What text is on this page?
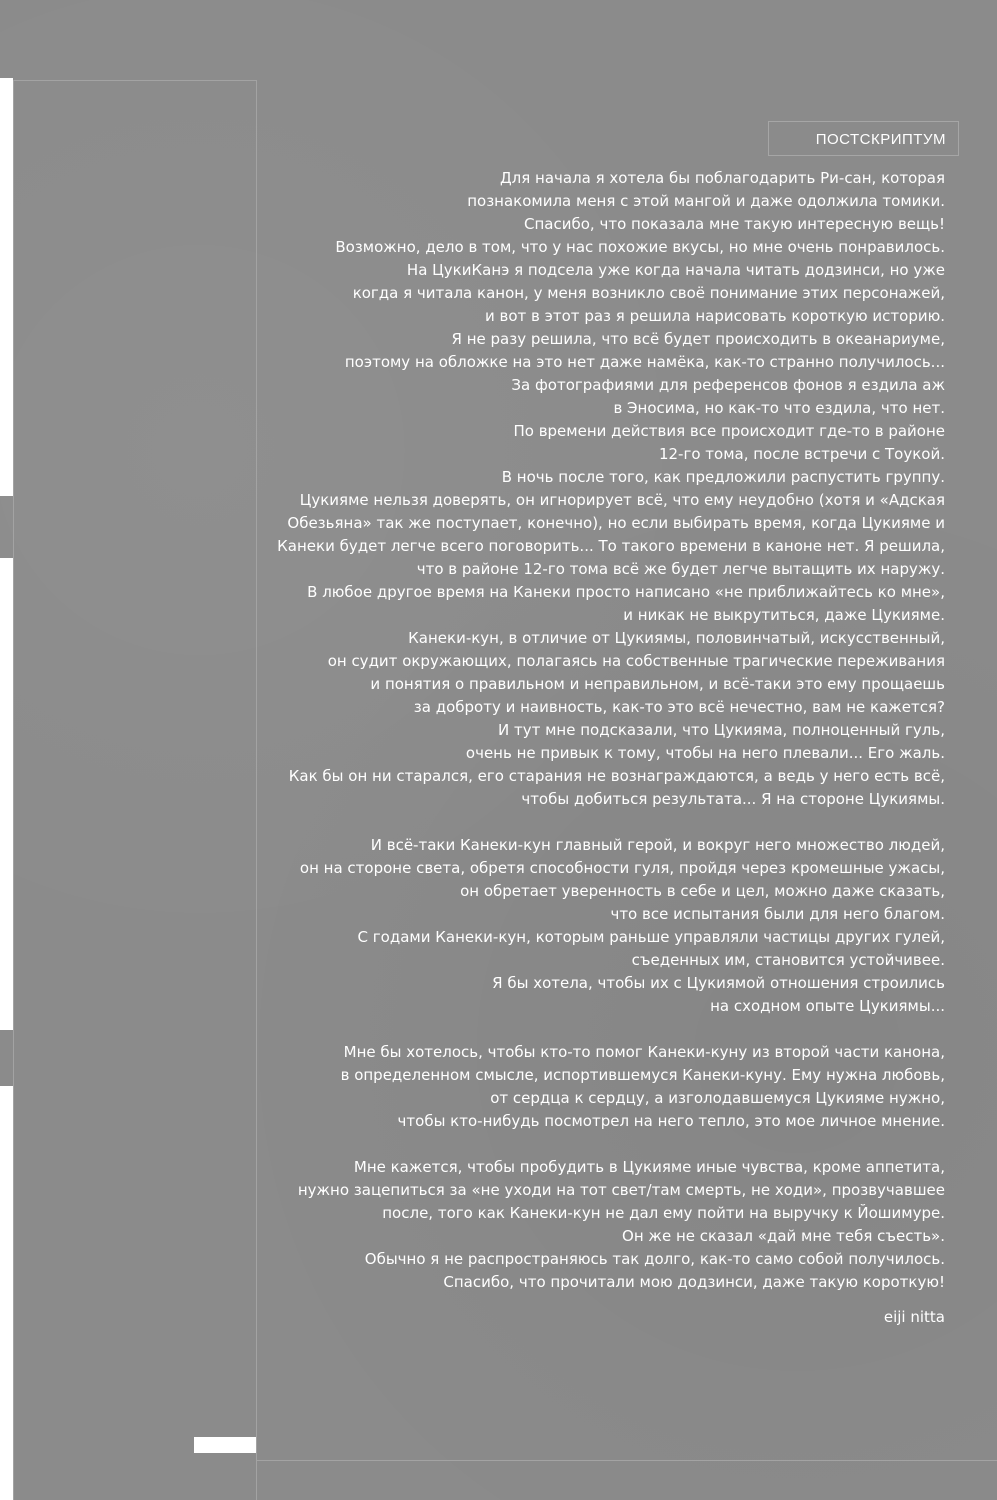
ПОСТСКРИПТУМ
Для начала я хотела бы поблагодарить Ри-сан, которая
познакомила меня с этой мангой и даже одолжила томики.
Спасибо, что показала мне такую интересную вещь!
Возможно, дело в том, что у нас похожие вкусы, но мне очень понравилось.
На ЦукиКанэ я подсела уже когда начала читать додзинси, но уже
когда я читала канон, у меня возникло своё понимание этих персонажей,
и вот в этот раз я решила нарисовать короткую историю.
Я не разу решила, что всё будет происходить в океанариуме,
поэтому на обложке на это нет даже намёка, как-то странно получилось...
За фотографиями для референсов фонов я ездила аж
в Эносима, но как-то что ездила, что нет.
По времени действия все происходит где-то в районе
12-го тома, после встречи с Тоукой.
В ночь после того, как предложили распустить группу.
Цукияме нельзя доверять, он игнорирует всё, что ему неудобно (хотя и «Адская
Обезьяна» так же поступает, конечно), но если выбирать время, когда Цукияме и
Канеки будет легче всего поговорить... То такого времени в каноне нет. Я решила,
что в районе 12-го тома всё же будет легче вытащить их наружу.
В любое другое время на Канеки просто написано «не приближайтесь ко мне»,
и никак не выкрутиться, даже Цукияме.
Канеки-кун, в отличие от Цукиямы, половинчатый, искусственный,
он судит окружающих, полагаясь на собственные трагические переживания
и понятия о правильном и неправильном, и всё-таки это ему прощаешь
за доброту и наивность, как-то это всё нечестно, вам не кажется?
И тут мне подсказали, что Цукияма, полноценный гуль,
очень не привык к тому, чтобы на него плевали... Его жаль.
Как бы он ни старался, его старания не вознаграждаются, а ведь у него есть всё,
чтобы добиться результата... Я на стороне Цукиямы.
И всё-таки Канеки-кун главный герой, и вокруг него множество людей,
он на стороне света, обретя способности гуля, пройдя через кромешные ужасы,
он обретает уверенность в себе и цел, можно даже сказать,
что все испытания были для него благом.
С годами Канеки-кун, которым раньше управляли частицы других гулей,
съеденных им, становится устойчивее.
Я бы хотела, чтобы их с Цукиямой отношения строились
на сходном опыте Цукиямы...
Мне бы хотелось, чтобы кто-то помог Канеки-куну из второй части канона,
в определенном смысле, испортившемуся Канеки-куну. Ему нужна любовь,
от сердца к сердцу, а изголодавшемуся Цукияме нужно,
чтобы кто-нибудь посмотрел на него тепло, это мое личное мнение.
Мне кажется, чтобы пробудить в Цукияме иные чувства, кроме аппетита,
нужно зацепиться за «не уходи на тот свет/там смерть, не ходи», прозвучавшее
после, того как Канеки-кун не дал ему пойти на выручку к Йошимуре.
Он же не сказал «дай мне тебя съесть».
Обычно я не распространяюсь так долго, как-то само собой получилось.
Спасибо, что прочитали мою додзинси, даже такую короткую!
eiji nitta
